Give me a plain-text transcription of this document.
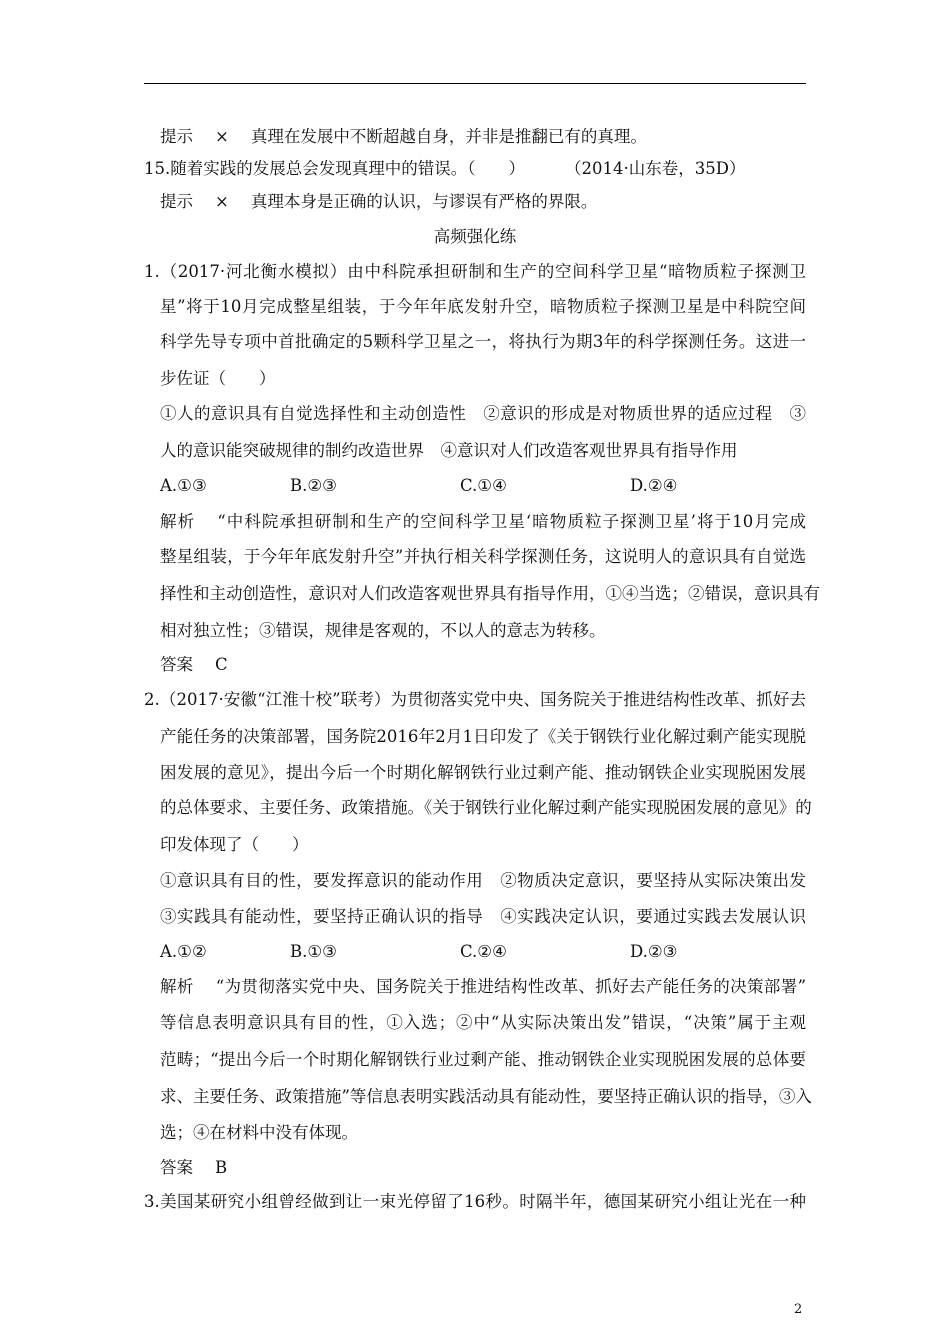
提示 × 真理在发展中不断超越自身，并非是推翻已有的真理。
15.随着实践的发展总会发现真理中的错误。（　　） （2014·山东卷，35D）
提示 × 真理本身是正确的认识，与谬误有严格的界限。
高频强化练
1.（2017·河北衡水模拟）由中科院承担研制和生产的空间科学卫星“暗物质粒子探测卫
星”将于10月完成整星组装，于今年年底发射升空，暗物质粒子探测卫星是中科院空间
科学先导专项中首批确定的5颗科学卫星之一，将执行为期3年的科学探测任务。这进一
步佐证（　　）
①人的意识具有自觉选择性和主动创造性　②意识的形成是对物质世界的适应过程　③
人的意识能突破规律的制约改造世界　④意识对人们改造客观世界具有指导作用
A.①③	B.②③	C.①④	D.②④
解析 “中科院承担研制和生产的空间科学卫星‘暗物质粒子探测卫星’将于10月完成
整星组装，于今年年底发射升空”并执行相关科学探测任务，这说明人的意识具有自觉选
择性和主动创造性，意识对人们改造客观世界具有指导作用，①④当选；②错误，意识具有
相对独立性；③错误，规律是客观的，不以人的意志为转移。
答案 C
2.（2017·安徽“江淮十校”联考）为贯彻落实党中央、国务院关于推进结构性改革、抓好去
产能任务的决策部署，国务院2016年2月1日印发了《关于钢铁行业化解过剩产能实现脱
困发展的意见》，提出今后一个时期化解钢铁行业过剩产能、推动钢铁企业实现脱困发展
的总体要求、主要任务、政策措施。《关于钢铁行业化解过剩产能实现脱困发展的意见》的
印发体现了（　　）
①意识具有目的性，要发挥意识的能动作用　②物质决定意识，要坚持从实际决策出发
③实践具有能动性，要坚持正确认识的指导　④实践决定认识，要通过实践去发展认识
A.①②	B.①③	C.②④	D.②③
解析 “为贯彻落实党中央、国务院关于推进结构性改革、抓好去产能任务的决策部署”
等信息表明意识具有目的性，①入选；②中“从实际决策出发”错误，“决策”属于主观
范畴；“提出今后一个时期化解钢铁行业过剩产能、推动钢铁企业实现脱困发展的总体要
求、主要任务、政策措施”等信息表明实践活动具有能动性，要坚持正确认识的指导，③入
选；④在材料中没有体现。
答案 B
3.美国某研究小组曾经做到让一束光停留了16秒。时隔半年，德国某研究小组让光在一种
2
